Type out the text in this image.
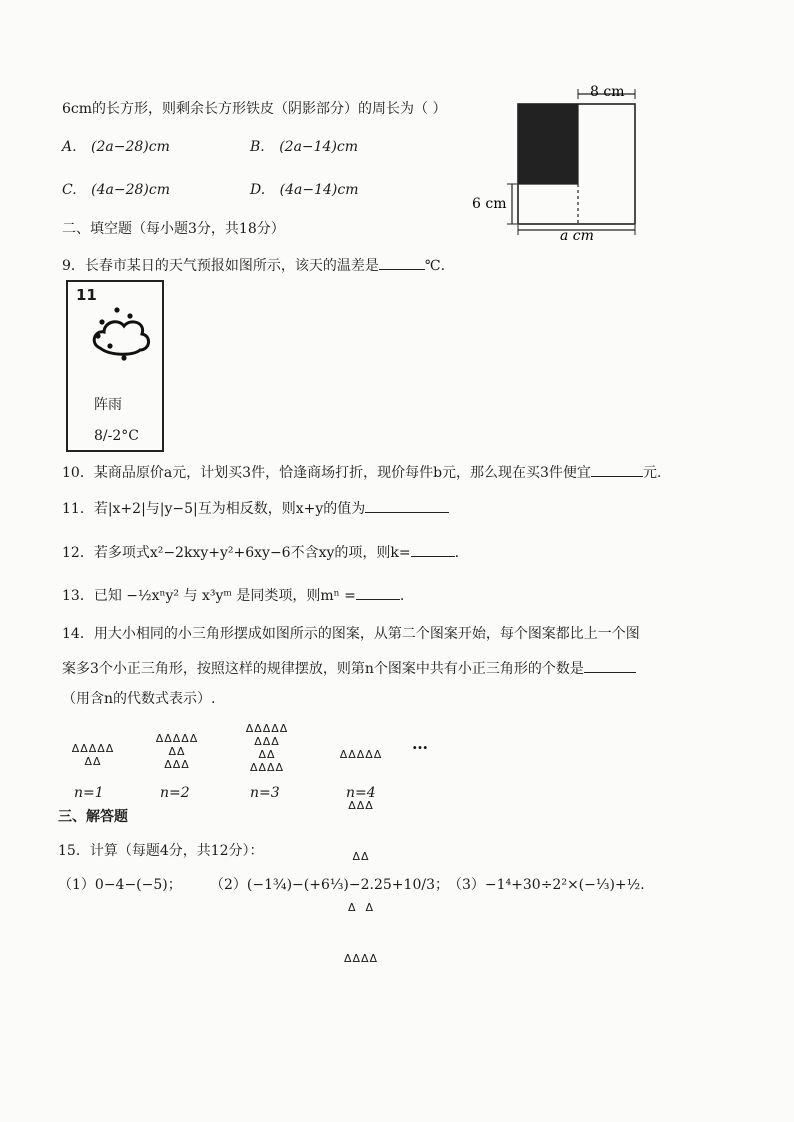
6cm的长方形，则剩余长方形铁皮（阴影部分）的周长为（ ）
A. (2a−28)cm	B. (2a−14)cm
C. (4a−28)cm	D. (4a−14)cm
8 cm
6 cm
a cm
二、填空题（每小题3分，共18分）
9．长春市某日的天气预报如图所示，该天的温差是	℃.
11
阵雨
8/-2°C
10．某商品原价a元，计划买3件，恰逢商场打折，现价每件b元，那么现在买3件便宜	元.
11．若|x+2|与|y−5|互为相反数，则x+y的值为
12．若多项式x²−2kxy+y²+6xy−6不含xy的项，则k=	.
13．已知 −½xⁿy² 与 x³yᵐ 是同类项，则mⁿ =	.
14．用大小相同的小三角形摆成如图所示的图案，从第二个图案开始，每个图案都比上一个图
案多3个小正三角形，按照这样的规律摆放，则第n个图案中共有小正三角形的个数是
（用含n的代数式表示）.
ΔΔΔΔΔ
ΔΔ
n=1
ΔΔΔΔΔ
ΔΔ
ΔΔΔ
n=2
ΔΔΔΔΔ
ΔΔΔ
ΔΔ
ΔΔΔΔ
n=3

ΔΔΔΔΔ

ΔΔΔ

ΔΔ

Δ  Δ

ΔΔΔΔ

n=4
…
三、解答题
15．计算（每题4分，共12分）：
（1）0−4−(−5)； （2）(−1¾)−(+6⅓)−2.25+10/3； （3）−1⁴+30÷2²×(−⅓)+½.
